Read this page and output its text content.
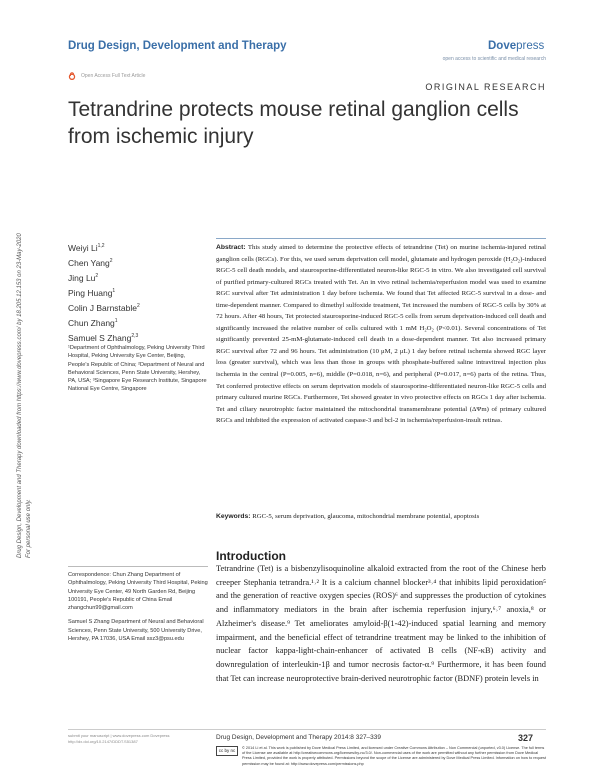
Drug Design, Development and Therapy	Dovepress
open access to scientific and medical research
Open Access Full Text Article
ORIGINAL RESEARCH
Tetrandrine protects mouse retinal ganglion cells from ischemic injury
Drug Design, Development and Therapy downloaded from https://www.dovepress.com/ by 18.205.12.153 on 23-May-2020 For personal use only.
Weiyi Li$^{1,2}$
Chen Yang$^2$
Jing Lu$^2$
Ping Huang$^1$
Colin J Barnstable$^2$
Chun Zhang$^1$
Samuel S Zhang$^{2,3}$
¹Department of Ophthalmology, Peking University Third Hospital, Peking University Eye Center, Beijing, People's Republic of China; ²Department of Neural and Behavioral Sciences, Penn State University, Hershey, PA, USA; ³Singapore Eye Research Institute, Singapore National Eye Centre, Singapore

Abstract: This study aimed to determine the protective effects of tetrandrine (Tet) on murine ischemia-injured retinal ganglion cells (RGCs). For this, we used serum deprivation cell model, glutamate and hydrogen peroxide (H₂O₂)-induced RGC-5 cell death models, and staurosporine-differentiated neuron-like RGC-5 in vitro. We also investigated cell survival of purified primary-cultured RGCs treated with Tet. An in vivo retinal ischemia/reperfusion model was used to examine RGC survival after Tet administration 1 day before ischemia. We found that Tet affected RGC-5 survival in a dose- and time-dependent manner. Compared to dimethyl sulfoxide treatment, Tet increased the numbers of RGC-5 cells by 30% at 72 hours. After 48 hours, Tet protected staurosporine-induced RGC-5 cells from serum deprivation-induced cell death and significantly increased the relative number of cells cultured with 1 mM H₂O₂ (P<0.01). Several concentrations of Tet significantly prevented 25-mM-glutamate-induced cell death in a dose-dependent manner. Tet also increased primary RGC survival after 72 and 96 hours. Tet administration (10 μM, 2 μL) 1 day before retinal ischemia showed RGC layer loss (greater survival), which was less than those in groups with phosphate-buffered saline intravitreal injection plus ischemia in the central (P=0.005, n=6), middle (P=0.018, n=6), and peripheral (P=0.017, n=6) parts of the retina. Thus, Tet conferred protective effects on serum deprivation models of staurosporine-differentiated neuron-like RGC-5 cells and primary cultured murine RGCs. Furthermore, Tet showed greater in vivo protective effects on RGCs 1 day after ischemia. Tet and ciliary neurotrophic factor maintained the mitochondrial transmembrane potential (ΔΨm) of primary cultured RGCs and inhibited the expression of activated caspase-3 and bcl-2 in ischemia/reperfusion-insult retinas.

Keywords: RGC-5, serum deprivation, glaucoma, mitochondrial membrane potential, apoptosis

Introduction

Tetrandrine (Tet) is a bisbenzylisoquinoline alkaloid extracted from the root of the Chinese herb creeper Stephania tetrandra.¹˒² It is a calcium channel blocker³˒⁴ that inhibits lipid peroxidation⁵ and the generation of reactive oxygen species (ROS)⁶ and suppresses the production of cytokines and inflammatory mediators in the brain after ischemia reperfusion injury,⁶˒⁷ anoxia,⁸ or Alzheimer's disease.⁹ Tet ameliorates amyloid-β(1-42)-induced spatial learning and memory impairment, and the beneficial effect of tetrandrine treatment may be linked to the inhibition of nuclear factor kappa-light-chain-enhancer of activated B cells (NF-κB) activity and downregulation of interleukin-1β and tumor necrosis factor-α.⁹ Furthermore, it has been found that Tet can increase neuroprotective brain-derived neurotrophic factor (BDNF) protein levels in

Correspondence: Chun Zhang Department of Ophthalmology, Peking University Third Hospital, Peking University Eye Center, 49 North Garden Rd, Beijing 100191, People's Republic of China Email zhangchun99@gmail.com

Samuel S Zhang Department of Neural and Behavioral Sciences, Penn State University, 500 University Drive, Hershey, PA 17036, USA Email ssz3@psu.edu

submit your manuscript | www.dovepress.com Dovepress http://dx.doi.org/10.2147/DDDT.S51387
Drug Design, Development and Therapy 2014:8 327–339	327
cc by nc	© 2014 Li et al. This work is published by Dove Medical Press Limited, and licensed under Creative Commons Attribution – Non Commercial (unported, v3.0) License. The full terms of the License are available at http://creativecommons.org/licenses/by-nc/3.0/. Non-commercial uses of the work are permitted without any further permission from Dove Medical Press Limited, provided the work is properly attributed. Permissions beyond the scope of the License are administered by Dove Medical Press Limited. Information on how to request permission may be found at: http://www.dovepress.com/permissions.php
